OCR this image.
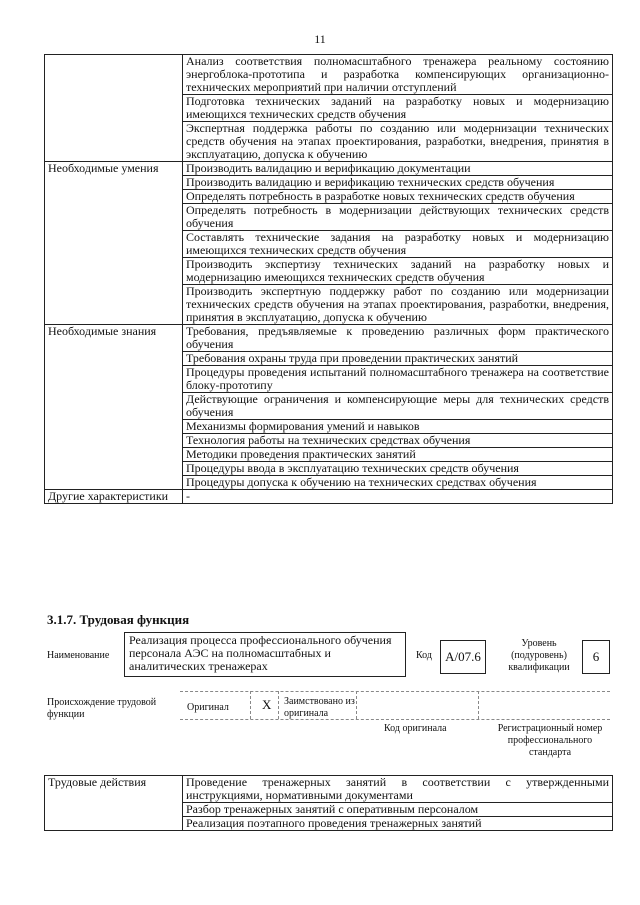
11
	Анализ соответствия полномасштабного тренажера реальному состоянию энергоблока-прототипа и разработка компенсирующих организационно-технических мероприятий при наличии отступлений
	Подготовка технических заданий на разработку новых и модернизацию имеющихся технических средств обучения
	Экспертная поддержка работы по созданию или модернизации технических средств обучения на этапах проектирования, разработки, внедрения, принятия в эксплуатацию, допуска к обучению
Необходимые умения	Производить валидацию и верификацию документации
	Производить валидацию и верификацию технических средств обучения
	Определять потребность в разработке новых технических средств обучения
	Определять потребность в модернизации действующих технических средств обучения
	Составлять технические задания на разработку новых и модернизацию имеющихся технических средств обучения
	Производить экспертизу технических заданий на разработку новых и модернизацию имеющихся технических средств обучения
	Производить экспертную поддержку работ по созданию или модернизации технических средств обучения на этапах проектирования, разработки, внедрения, принятия в эксплуатацию, допуска к обучению
Необходимые знания	Требования, предъявляемые к проведению различных форм практического обучения
	Требования охраны труда при проведении практических занятий
	Процедуры проведения испытаний полномасштабного тренажера на соответствие блоку-прототипу
	Действующие ограничения и компенсирующие меры для технических средств обучения
	Механизмы формирования умений и навыков
	Технология работы на технических средствах обучения
	Методики проведения практических занятий
	Процедуры ввода в эксплуатацию технических средств обучения
	Процедуры допуска к обучению на технических средствах обучения
Другие характеристики	-
3.1.7. Трудовая функция
Наименование
Реализация процесса профессионального обучения персонала АЭС на полномасштабных и аналитических тренажерах
Код	А/07.6
Уровень (подуровень) квалификации
6
Происхождение трудовой функции
Оригинал	X Заимствовано из оригинала
Код оригинала	Регистрационный номер профессионального стандарта
Трудовые действия	Проведение тренажерных занятий в соответствии с утвержденными инструкциями, нормативными документами
Разбор тренажерных занятий с оперативным персоналом
Реализация поэтапного проведения тренажерных занятий
